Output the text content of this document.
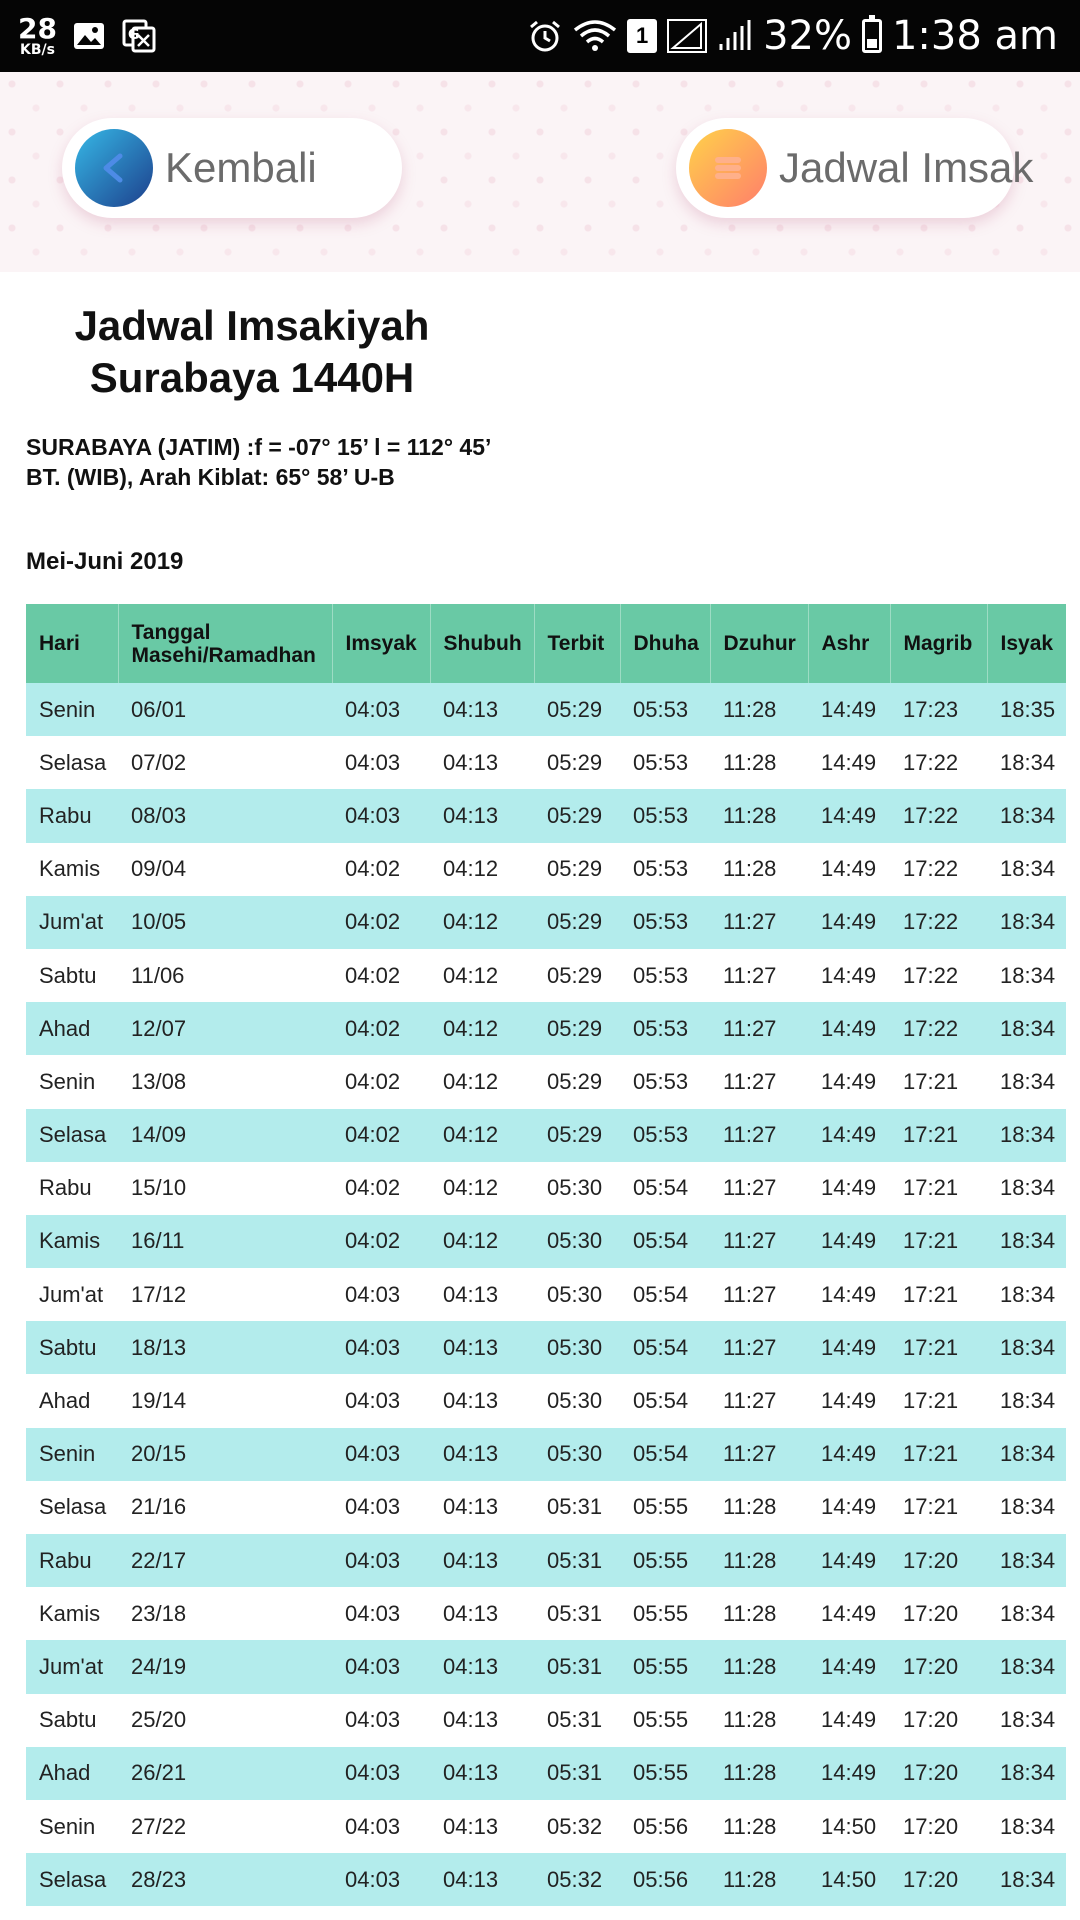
28
KB/s
G	1	32% 1:38 am
Kembali	Jadwal Imsak
Jadwal Imsakiyah
Surabaya 1440H
SURABAYA (JATIM) :f = -07° 15’ l = 112° 45’ BT. (WIB), Arah Kiblat: 65° 58’ U-B
Mei-Juni 2019
Hari	Tanggal Masehi/Ramadhan	Imsyak	Shubuh	Terbit	Dhuha	Dzuhur	Ashr	Magrib	Isyak
Senin	06/01	04:03	04:13	05:29	05:53	11:28	14:49	17:23	18:35
Selasa	07/02	04:03	04:13	05:29	05:53	11:28	14:49	17:22	18:34
Rabu	08/03	04:03	04:13	05:29	05:53	11:28	14:49	17:22	18:34
Kamis	09/04	04:02	04:12	05:29	05:53	11:28	14:49	17:22	18:34
Jum'at	10/05	04:02	04:12	05:29	05:53	11:27	14:49	17:22	18:34
Sabtu	11/06	04:02	04:12	05:29	05:53	11:27	14:49	17:22	18:34
Ahad	12/07	04:02	04:12	05:29	05:53	11:27	14:49	17:22	18:34
Senin	13/08	04:02	04:12	05:29	05:53	11:27	14:49	17:21	18:34
Selasa	14/09	04:02	04:12	05:29	05:53	11:27	14:49	17:21	18:34
Rabu	15/10	04:02	04:12	05:30	05:54	11:27	14:49	17:21	18:34
Kamis	16/11	04:02	04:12	05:30	05:54	11:27	14:49	17:21	18:34
Jum'at	17/12	04:03	04:13	05:30	05:54	11:27	14:49	17:21	18:34
Sabtu	18/13	04:03	04:13	05:30	05:54	11:27	14:49	17:21	18:34
Ahad	19/14	04:03	04:13	05:30	05:54	11:27	14:49	17:21	18:34
Senin	20/15	04:03	04:13	05:30	05:54	11:27	14:49	17:21	18:34
Selasa	21/16	04:03	04:13	05:31	05:55	11:28	14:49	17:21	18:34
Rabu	22/17	04:03	04:13	05:31	05:55	11:28	14:49	17:20	18:34
Kamis	23/18	04:03	04:13	05:31	05:55	11:28	14:49	17:20	18:34
Jum'at	24/19	04:03	04:13	05:31	05:55	11:28	14:49	17:20	18:34
Sabtu	25/20	04:03	04:13	05:31	05:55	11:28	14:49	17:20	18:34
Ahad	26/21	04:03	04:13	05:31	05:55	11:28	14:49	17:20	18:34
Senin	27/22	04:03	04:13	05:32	05:56	11:28	14:50	17:20	18:34
Selasa	28/23	04:03	04:13	05:32	05:56	11:28	14:50	17:20	18:34
